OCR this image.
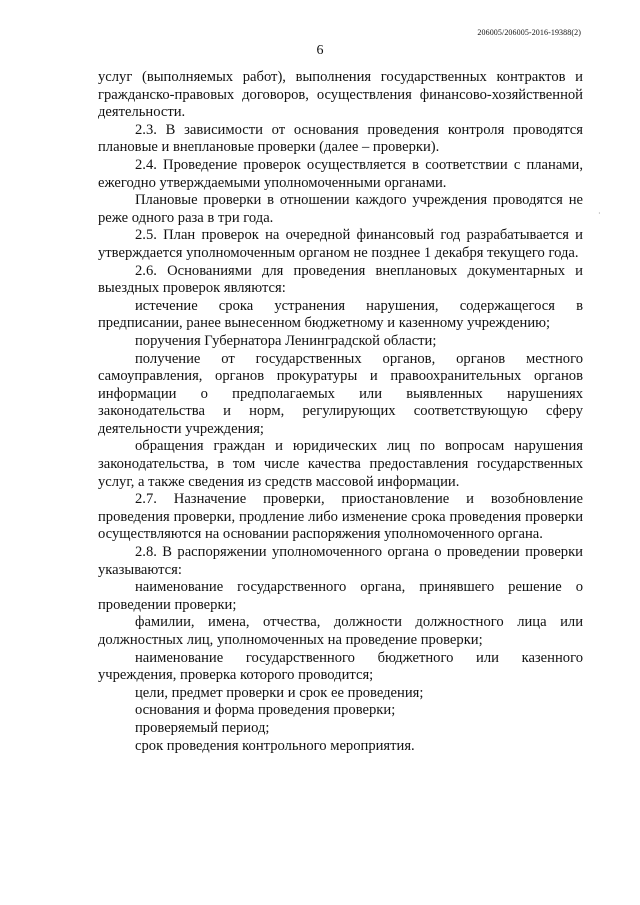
206005/206005-2016-19388(2)
6

услуг (выполняемых работ), выполнения государственных контрактов и гражданско-правовых договоров, осуществления финансово-хозяйственной деятельности.

2.3. В зависимости от основания проведения контроля проводятся плановые и внеплановые проверки (далее – проверки).

2.4. Проведение проверок осуществляется в соответствии с планами, ежегодно утверждаемыми уполномоченными органами.

Плановые проверки в отношении каждого учреждения проводятся не реже одного раза в три года.

2.5. План проверок на очередной финансовый год разрабатывается и утверждается уполномоченным органом не позднее 1 декабря текущего года.

2.6. Основаниями для проведения внеплановых документарных и выездных проверок являются:

истечение срока устранения нарушения, содержащегося в предписании, ранее вынесенном бюджетному и казенному учреждению;

поручения Губернатора Ленинградской области;

получение от государственных органов, органов местного самоуправления, органов прокуратуры и правоохранительных органов информации о предполагаемых или выявленных нарушениях законодательства и норм, регулирующих соответствующую сферу деятельности учреждения;

обращения граждан и юридических лиц по вопросам нарушения законодательства, в том числе качества предоставления государственных услуг, а также сведения из средств массовой информации.

2.7. Назначение проверки, приостановление и возобновление проведения проверки, продление либо изменение срока проведения проверки осуществляются на основании распоряжения уполномоченного органа.

2.8. В распоряжении уполномоченного органа о проведении проверки указываются:

наименование государственного органа, принявшего решение о проведении проверки;

фамилии, имена, отчества, должности должностного лица или должностных лиц, уполномоченных на проведение проверки;

наименование государственного бюджетного или казенного учреждения, проверка которого проводится;

цели, предмет проверки и срок ее проведения;

основания и форма проведения проверки;

проверяемый период;

срок проведения контрольного мероприятия.

·
